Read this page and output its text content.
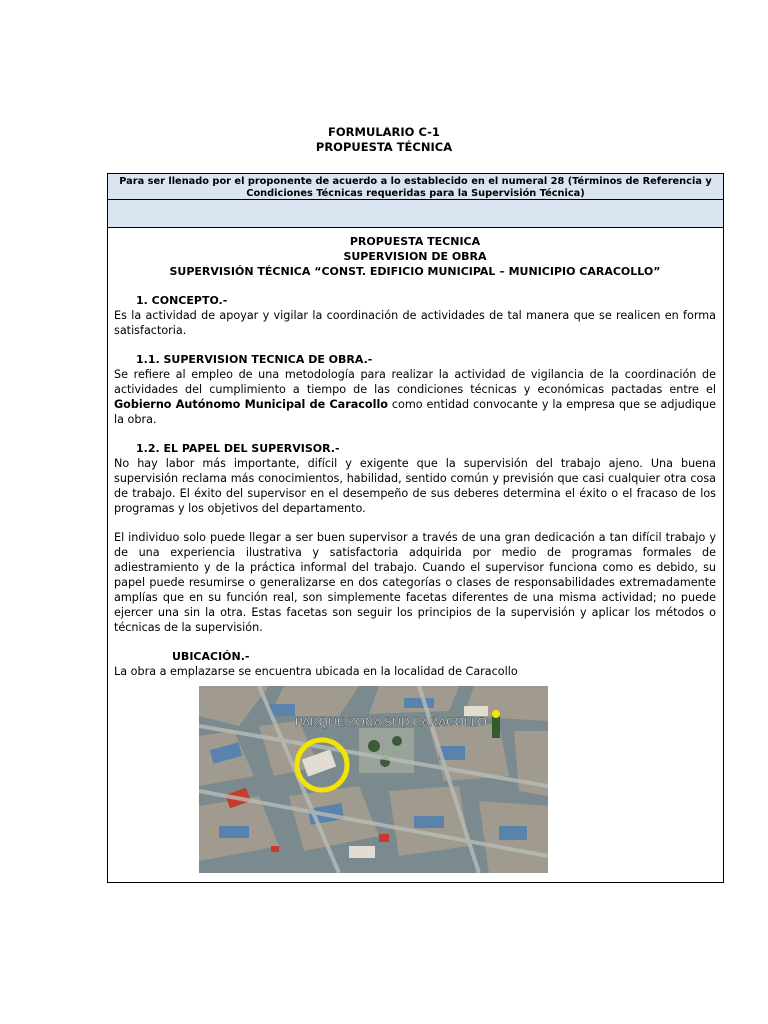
FORMULARIO C-1
PROPUESTA TÉCNICA
Para ser llenado por el proponente de acuerdo a lo establecido en el numeral 28 (Términos de Referencia y Condiciones Técnicas requeridas para la Supervisión Técnica)
PROPUESTA TECNICA
SUPERVISION DE OBRA
SUPERVISIÓN TÉCNICA “CONST. EDIFICIO MUNICIPAL – MUNICIPIO CARACOLLO”

1. CONCEPTO.-

Es la actividad de apoyar y vigilar la coordinación de actividades de tal manera que se realicen en forma satisfactoria.

1.1. SUPERVISION TECNICA DE OBRA.-

Se refiere al empleo de una metodología para realizar la actividad de vigilancia de la coordinación de actividades del cumplimiento a tiempo de las condiciones técnicas y económicas pactadas entre el Gobierno Autónomo Municipal de Caracollo como entidad convocante y la empresa que se adjudique la obra.

1.2. EL PAPEL DEL SUPERVISOR.-

No hay labor más importante, difícil y exigente que la supervisión del trabajo ajeno. Una buena supervisión reclama más conocimientos, habilidad, sentido común y previsión que casi cualquier otra cosa de trabajo. El éxito del supervisor en el desempeño de sus deberes determina el éxito o el fracaso de los programas y los objetivos del departamento.

El individuo solo puede llegar a ser buen supervisor a través de una gran dedicación a tan difícil trabajo y de una experiencia ilustrativa y satisfactoria adquirida por medio de programas formales de adiestramiento y de la práctica informal del trabajo. Cuando el supervisor funciona como es debido, su papel puede resumirse o generalizarse en dos categorías o clases de responsabilidades extremadamente amplías que en su función real, son simplemente facetas diferentes de una misma actividad; no puede ejercer una sin la otra. Estas facetas son seguir los principios de la supervisión y aplicar los métodos o técnicas de la supervisión.

UBICACIÓN.-

La obra a emplazarse se encuentra ubicada en la localidad de Caracollo

PARQUE ZONA SUD CARACOLLO
